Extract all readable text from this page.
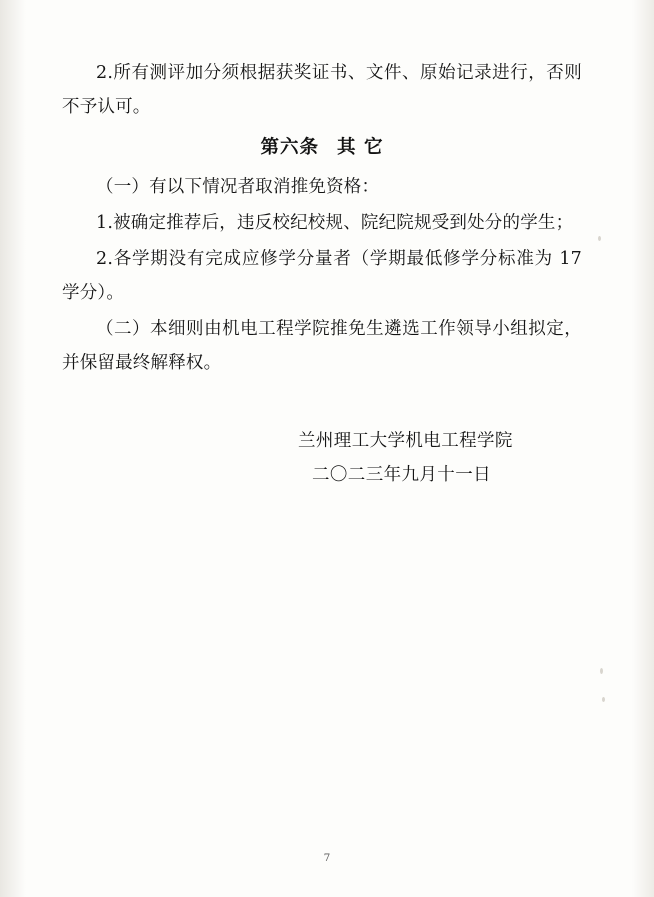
2.所有测评加分须根据获奖证书、文件、原始记录进行，否则不予认可。

第六条 其 它

（一）有以下情况者取消推免资格：

1.被确定推荐后，违反校纪校规、院纪院规受到处分的学生；

2.各学期没有完成应修学分量者（学期最低修学分标准为 17 学分）。

（二）本细则由机电工程学院推免生遴选工作领导小组拟定，并保留最终解释权。

兰州理工大学机电工程学院
二〇二三年九月十一日
7
